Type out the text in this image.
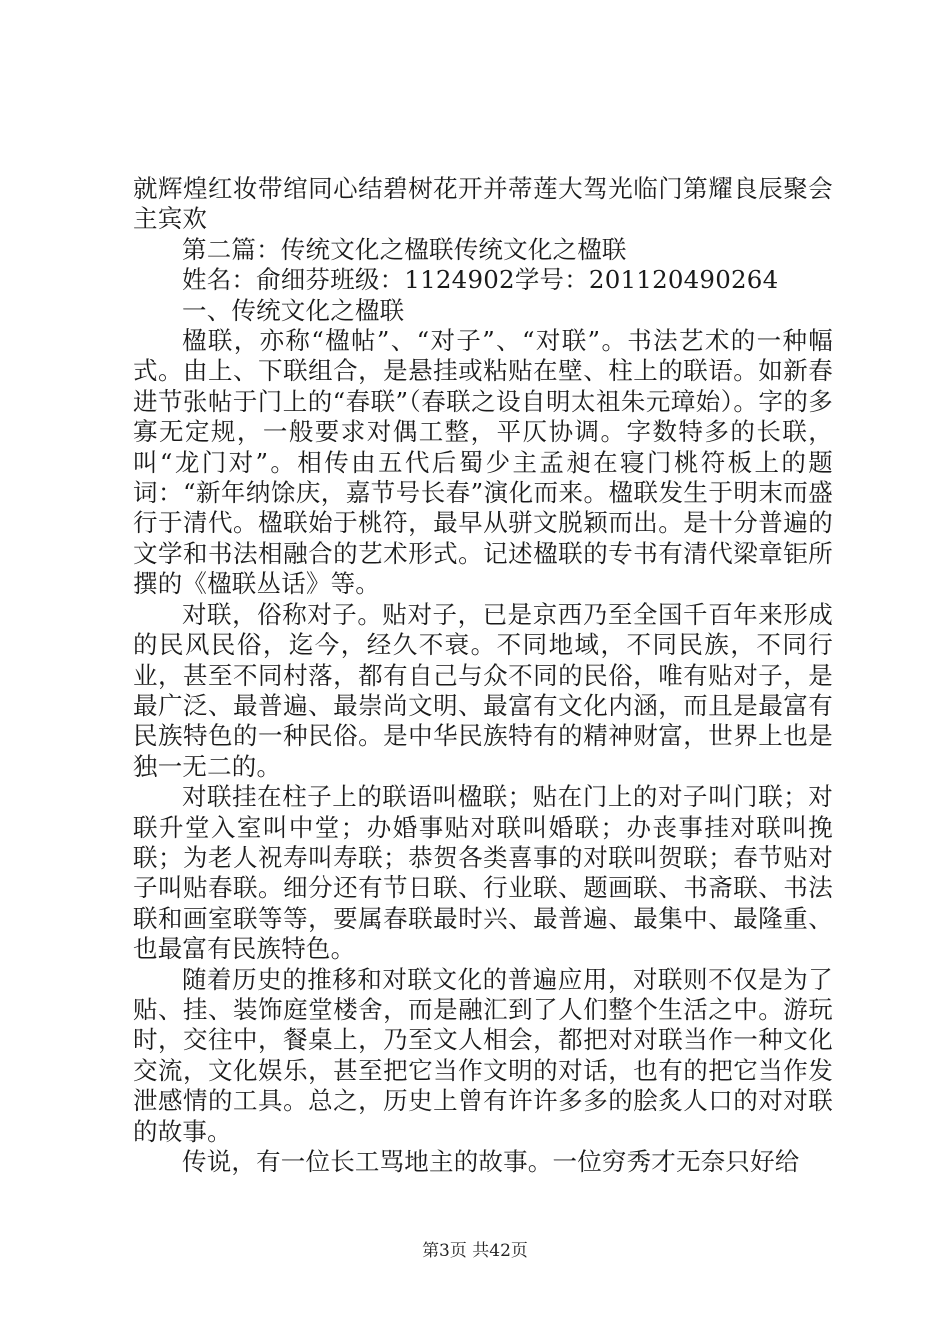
就辉煌红妆带绾同心结碧树花开并蒂莲大驾光临门第耀良辰聚会主宾欢

第二篇：传统文化之楹联传统文化之楹联

姓名：俞细芬班级：1124902学号：201120490264

一、传统文化之楹联

楹联，亦称“楹帖”、“对子”、“对联”。书法艺术的一种幅式。由上、下联组合，是悬挂或粘贴在壁、柱上的联语。如新春进节张帖于门上的“春联”（春联之设自明太祖朱元璋始）。字的多寡无定规，一般要求对偶工整，平仄协调。字数特多的长联，叫“龙门对”。相传由五代后蜀少主孟昶在寝门桃符板上的题词：“新年纳馀庆，嘉节号长春”演化而来。楹联发生于明末而盛行于清代。楹联始于桃符，最早从骈文脱颖而出。是十分普遍的文学和书法相融合的艺术形式。记述楹联的专书有清代梁章钜所撰的《楹联丛话》等。

对联，俗称对子。贴对子，已是京西乃至全国千百年来形成的民风民俗，迄今，经久不衰。不同地域，不同民族，不同行业，甚至不同村落，都有自己与众不同的民俗，唯有贴对子，是最广泛、最普遍、最崇尚文明、最富有文化内涵，而且是最富有民族特色的一种民俗。是中华民族特有的精神财富，世界上也是独一无二的。

对联挂在柱子上的联语叫楹联；贴在门上的对子叫门联；对联升堂入室叫中堂；办婚事贴对联叫婚联；办丧事挂对联叫挽联；为老人祝寿叫寿联；恭贺各类喜事的对联叫贺联；春节贴对子叫贴春联。细分还有节日联、行业联、题画联、书斋联、书法联和画室联等等，要属春联最时兴、最普遍、最集中、最隆重、也最富有民族特色。

随着历史的推移和对联文化的普遍应用，对联则不仅是为了贴、挂、装饰庭堂楼舍，而是融汇到了人们整个生活之中。游玩时，交往中，餐桌上，乃至文人相会，都把对对联当作一种文化交流，文化娱乐，甚至把它当作文明的对话，也有的把它当作发泄感情的工具。总之，历史上曾有许许多多的脍炙人口的对对联的故事。

传说，有一位长工骂地主的故事。一位穷秀才无奈只好给

第3页 共42页
